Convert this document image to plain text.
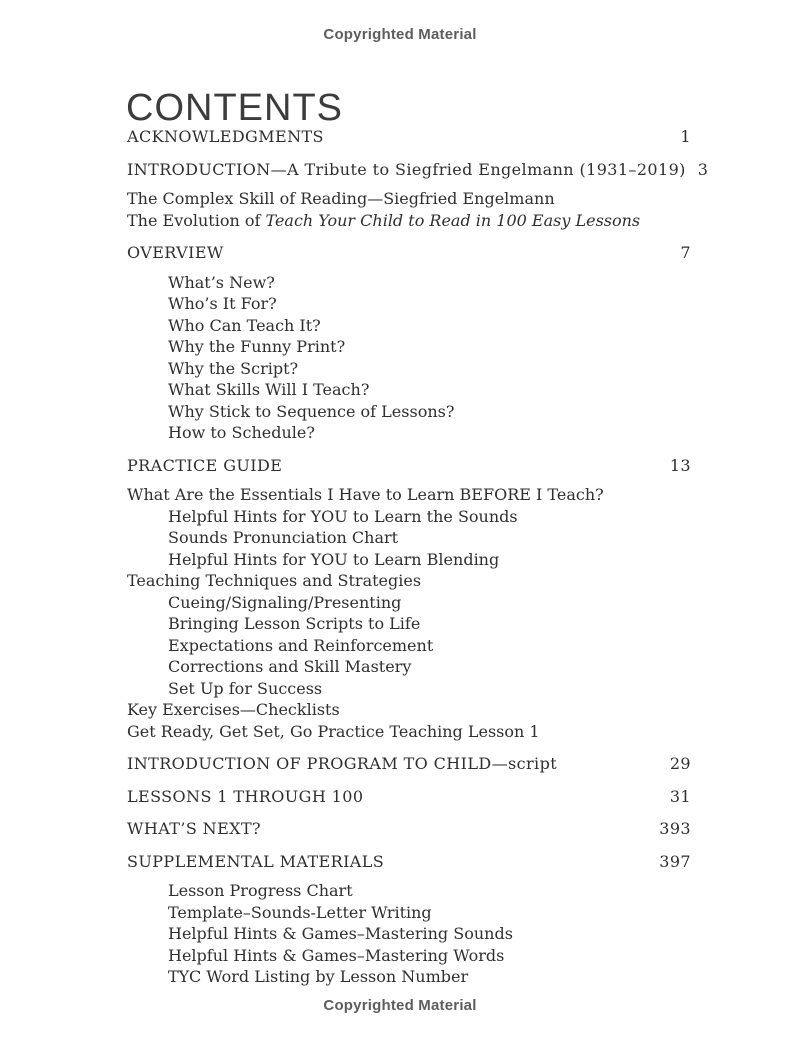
Copyrighted Material
CONTENTS
ACKNOWLEDGMENTS	1
INTRODUCTION—A Tribute to Siegfried Engelmann (1931–2019) 3
The Complex Skill of Reading—Siegfried Engelmann
The Evolution of Teach Your Child to Read in 100 Easy Lessons
OVERVIEW	7
What’s New?
Who’s It For?
Who Can Teach It?
Why the Funny Print?
Why the Script?
What Skills Will I Teach?
Why Stick to Sequence of Lessons?
How to Schedule?
PRACTICE GUIDE	13
What Are the Essentials I Have to Learn BEFORE I Teach?
Helpful Hints for YOU to Learn the Sounds
Sounds Pronunciation Chart
Helpful Hints for YOU to Learn Blending
Teaching Techniques and Strategies
Cueing/Signaling/Presenting
Bringing Lesson Scripts to Life
Expectations and Reinforcement
Corrections and Skill Mastery
Set Up for Success
Key Exercises—Checklists
Get Ready, Get Set, Go Practice Teaching Lesson 1
INTRODUCTION OF PROGRAM TO CHILD—script	29
LESSONS 1 THROUGH 100	31
WHAT’S NEXT?	393
SUPPLEMENTAL MATERIALS	397
Lesson Progress Chart
Template–Sounds-Letter Writing
Helpful Hints & Games–Mastering Sounds
Helpful Hints & Games–Mastering Words
TYC Word Listing by Lesson Number
Copyrighted Material
